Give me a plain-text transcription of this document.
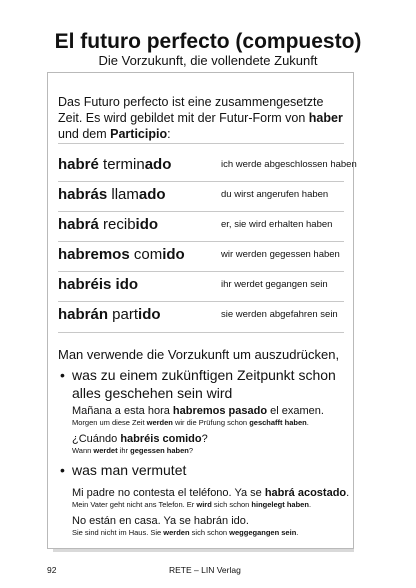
El futuro perfecto (compuesto)
Die Vorzukunft, die vollendete Zukunft
Das Futuro perfecto ist eine zusammengesetzte Zeit. Es wird gebildet mit der Futur-Form von haber und dem Participio:
habré terminado	ich werde abgeschlossen haben
habrás llamado	du wirst angerufen haben
habrá recibido	er, sie wird erhalten haben
habremos comido	wir werden gegessen haben
habréis ido	ihr werdet gegangen sein
habrán partido	sie werden abgefahren sein
Man verwende die Vorzukunft um auszudrücken,
• was zu einem zukünftigen Zeitpunkt schon alles geschehen sein wird
Mañana a esta hora habremos pasado el examen.
Morgen um diese Zeit werden wir die Prüfung schon geschafft haben.
¿Cuándo habréis comido?
Wann werdet ihr gegessen haben?
• was man vermutet
Mi padre no contesta el teléfono. Ya se habrá acostado.
Mein Vater geht nicht ans Telefon. Er wird sich schon hingelegt haben.
No están en casa. Ya se habrán ido.
Sie sind nicht im Haus. Sie werden sich schon weggegangen sein.
92	RETE – LIN Verlag
